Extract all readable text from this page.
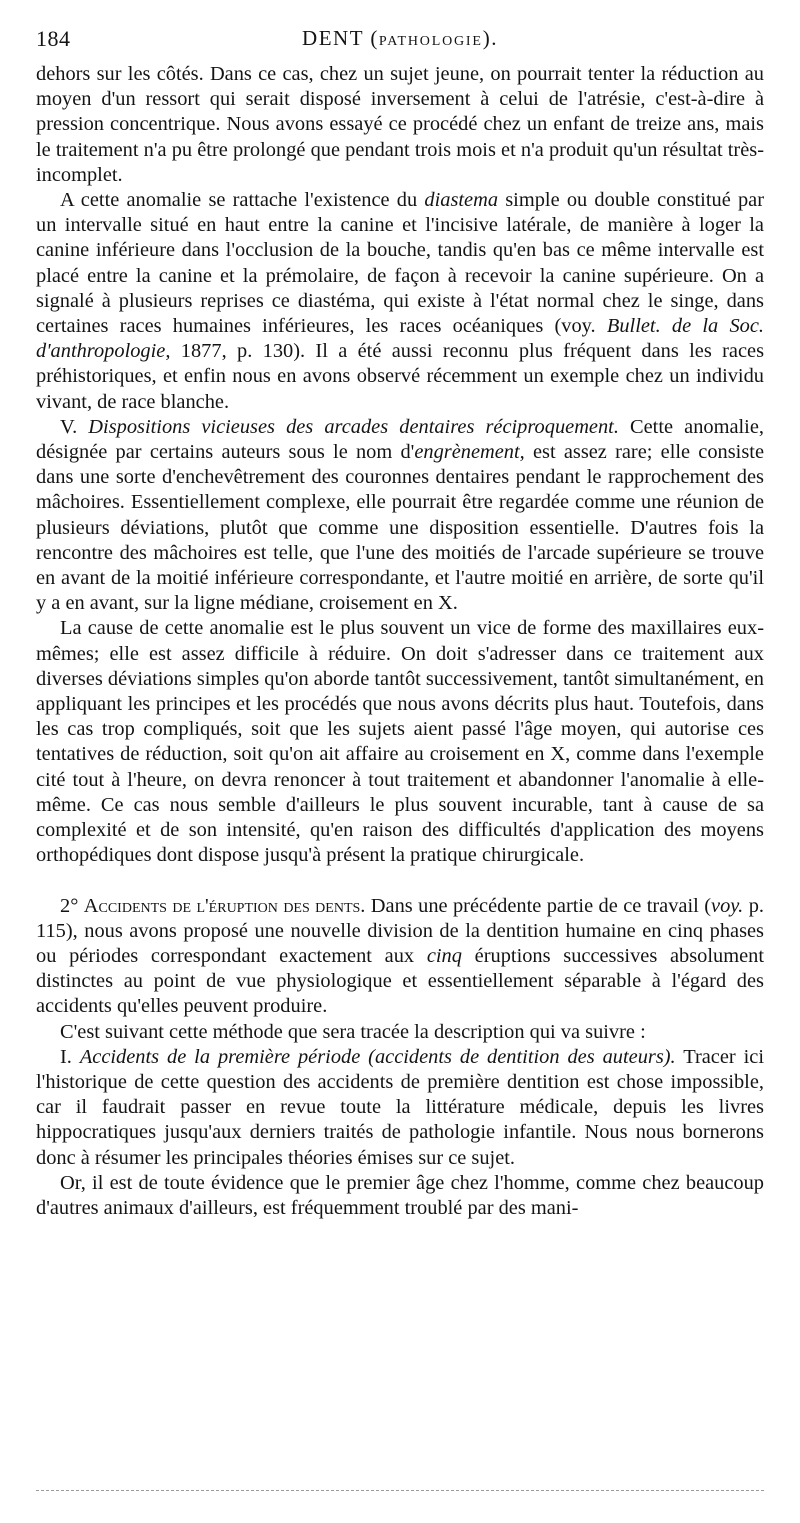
184	DENT (PATHOLOGIE).

dehors sur les côtés. Dans ce cas, chez un sujet jeune, on pourrait tenter la réduction au moyen d'un ressort qui serait disposé inversement à celui de l'atrésie, c'est-à-dire à pression concentrique. Nous avons essayé ce procédé chez un enfant de treize ans, mais le traitement n'a pu être prolongé que pendant trois mois et n'a produit qu'un résultat très-incomplet.

A cette anomalie se rattache l'existence du diastema simple ou double constitué par un intervalle situé en haut entre la canine et l'incisive latérale, de manière à loger la canine inférieure dans l'occlusion de la bouche, tandis qu'en bas ce même intervalle est placé entre la canine et la prémolaire, de façon à recevoir la canine supérieure. On a signalé à plusieurs reprises ce diastéma, qui existe à l'état normal chez le singe, dans certaines races humaines inférieures, les races océaniques (voy. Bullet. de la Soc. d'anthropologie, 1877, p. 130). Il a été aussi reconnu plus fréquent dans les races préhistoriques, et enfin nous en avons observé récemment un exemple chez un individu vivant, de race blanche.

V. Dispositions vicieuses des arcades dentaires réciproquement. Cette anomalie, désignée par certains auteurs sous le nom d'engrènement, est assez rare; elle consiste dans une sorte d'enchevêtrement des couronnes dentaires pendant le rapprochement des mâchoires. Essentiellement complexe, elle pourrait être regardée comme une réunion de plusieurs déviations, plutôt que comme une disposition essentielle. D'autres fois la rencontre des mâchoires est telle, que l'une des moitiés de l'arcade supérieure se trouve en avant de la moitié inférieure correspondante, et l'autre moitié en arrière, de sorte qu'il y a en avant, sur la ligne médiane, croisement en X.

La cause de cette anomalie est le plus souvent un vice de forme des maxillaires eux-mêmes; elle est assez difficile à réduire. On doit s'adresser dans ce traitement aux diverses déviations simples qu'on aborde tantôt successivement, tantôt simultanément, en appliquant les principes et les procédés que nous avons décrits plus haut. Toutefois, dans les cas trop compliqués, soit que les sujets aient passé l'âge moyen, qui autorise ces tentatives de réduction, soit qu'on ait affaire au croisement en X, comme dans l'exemple cité tout à l'heure, on devra renoncer à tout traitement et abandonner l'anomalie à elle-même. Ce cas nous semble d'ailleurs le plus souvent incurable, tant à cause de sa complexité et de son intensité, qu'en raison des difficultés d'application des moyens orthopédiques dont dispose jusqu'à présent la pratique chirurgicale.

2° Accidents de l'éruption des dents. Dans une précédente partie de ce travail (voy. p. 115), nous avons proposé une nouvelle division de la dentition humaine en cinq phases ou périodes correspondant exactement aux cinq éruptions successives absolument distinctes au point de vue physiologique et essentiellement séparable à l'égard des accidents qu'elles peuvent produire.

C'est suivant cette méthode que sera tracée la description qui va suivre :

I. Accidents de la première période (accidents de dentition des auteurs). Tracer ici l'historique de cette question des accidents de première dentition est chose impossible, car il faudrait passer en revue toute la littérature médicale, depuis les livres hippocratiques jusqu'aux derniers traités de pathologie infantile. Nous nous bornerons donc à résumer les principales théories émises sur ce sujet.

Or, il est de toute évidence que le premier âge chez l'homme, comme chez beaucoup d'autres animaux d'ailleurs, est fréquemment troublé par des mani-
